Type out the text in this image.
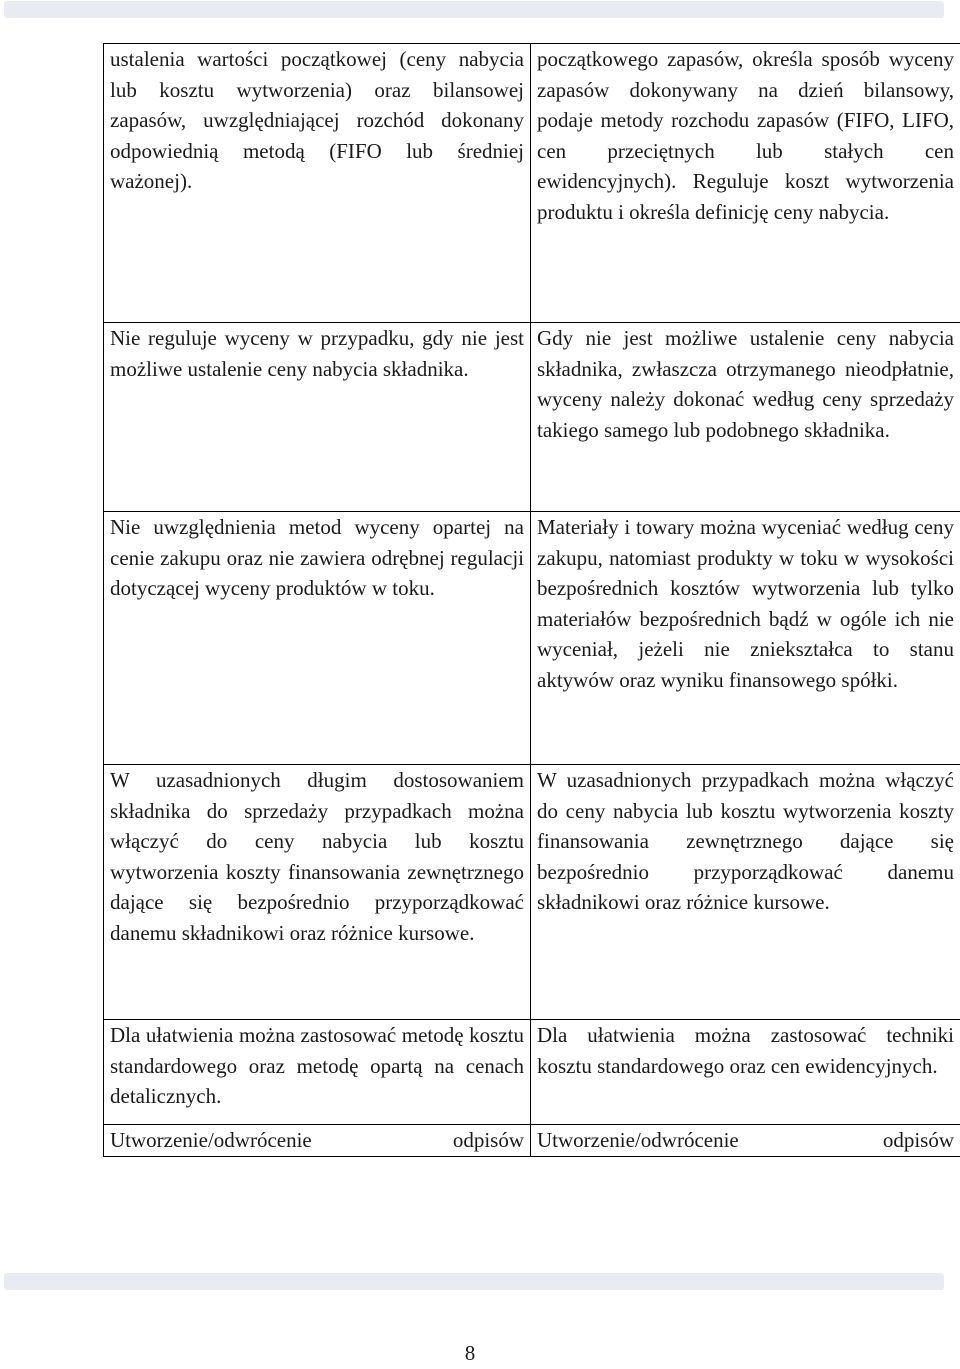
ustalenia wartości początkowej (ceny nabycia lub kosztu wytworzenia) oraz bilansowej zapasów, uwzględniającej rozchód dokonany odpowiednią metodą (FIFO lub średniej ważonej).	początkowego zapasów, określa sposób wyceny zapasów dokonywany na dzień bilansowy, podaje metody rozchodu zapasów (FIFO, LIFO, cen przeciętnych lub stałych cen ewidencyjnych). Reguluje koszt wytworzenia produktu i określa definicję ceny nabycia.

Nie reguluje wyceny w przypadku, gdy nie jest możliwe ustalenie ceny nabycia składnika.	Gdy nie jest możliwe ustalenie ceny nabycia składnika, zwłaszcza otrzymanego nieodpłatnie, wyceny należy dokonać według ceny sprzedaży takiego samego lub podobnego składnika.

Nie uwzględnienia metod wyceny opartej na cenie zakupu oraz nie zawiera odrębnej regulacji dotyczącej wyceny produktów w toku.	Materiały i towary można wyceniać według ceny zakupu, natomiast produkty w toku w wysokości bezpośrednich kosztów wytworzenia lub tylko materiałów bezpośrednich bądź w ogóle ich nie wyceniał, jeżeli nie zniekształca to stanu aktywów oraz wyniku finansowego spółki.

W uzasadnionych długim dostosowaniem składnika do sprzedaży przypadkach można włączyć do ceny nabycia lub kosztu wytworzenia koszty finansowania zewnętrznego dające się bezpośrednio przyporządkować danemu składnikowi oraz różnice kursowe.	W uzasadnionych przypadkach można włączyć do ceny nabycia lub kosztu wytworzenia koszty finansowania zewnętrznego dające się bezpośrednio przyporządkować danemu składnikowi oraz różnice kursowe.

Dla ułatwienia można zastosować metodę kosztu standardowego oraz metodę opartą na cenach detalicznych.	Dla ułatwienia można zastosować techniki kosztu standardowego oraz cen ewidencyjnych.

Utworzenie/odwrócenie odpisów	Utworzenie/odwrócenie odpisów

8
